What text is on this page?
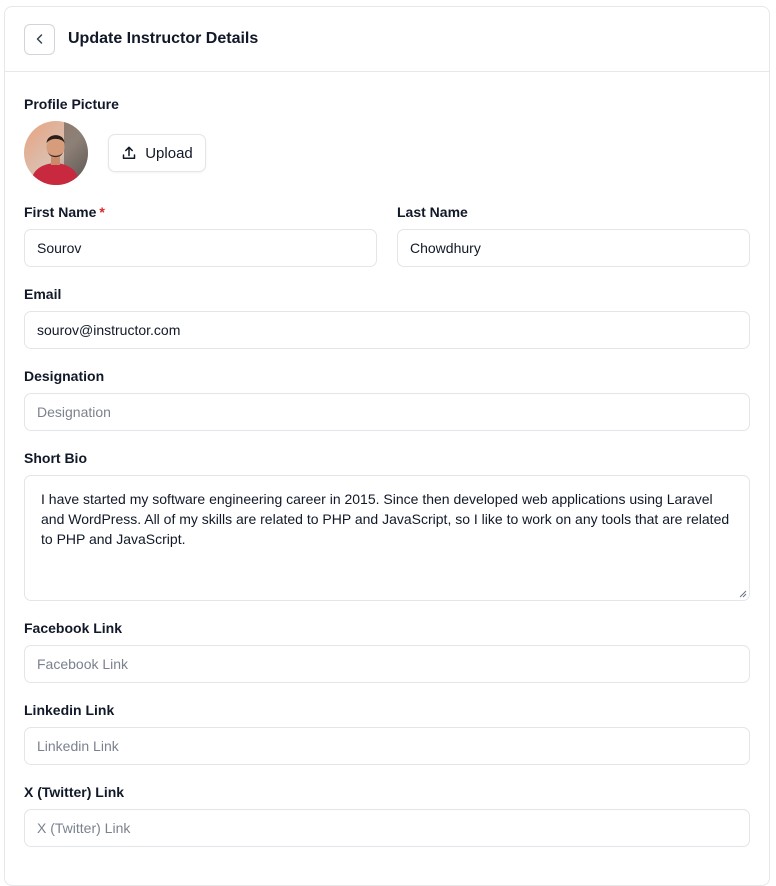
Update Instructor Details
Profile Picture
Upload
First Name *
Sourov
Last Name
Chowdhury
Email
sourov@instructor.com
Designation
Designation
Short Bio
I have started my software engineering career in 2015. Since then developed web applications using Laravel and WordPress. All of my skills are related to PHP and JavaScript, so I like to work on any tools that are related to PHP and JavaScript.
Facebook Link
Facebook Link
Linkedin Link
Linkedin Link
X (Twitter) Link
X (Twitter) Link
